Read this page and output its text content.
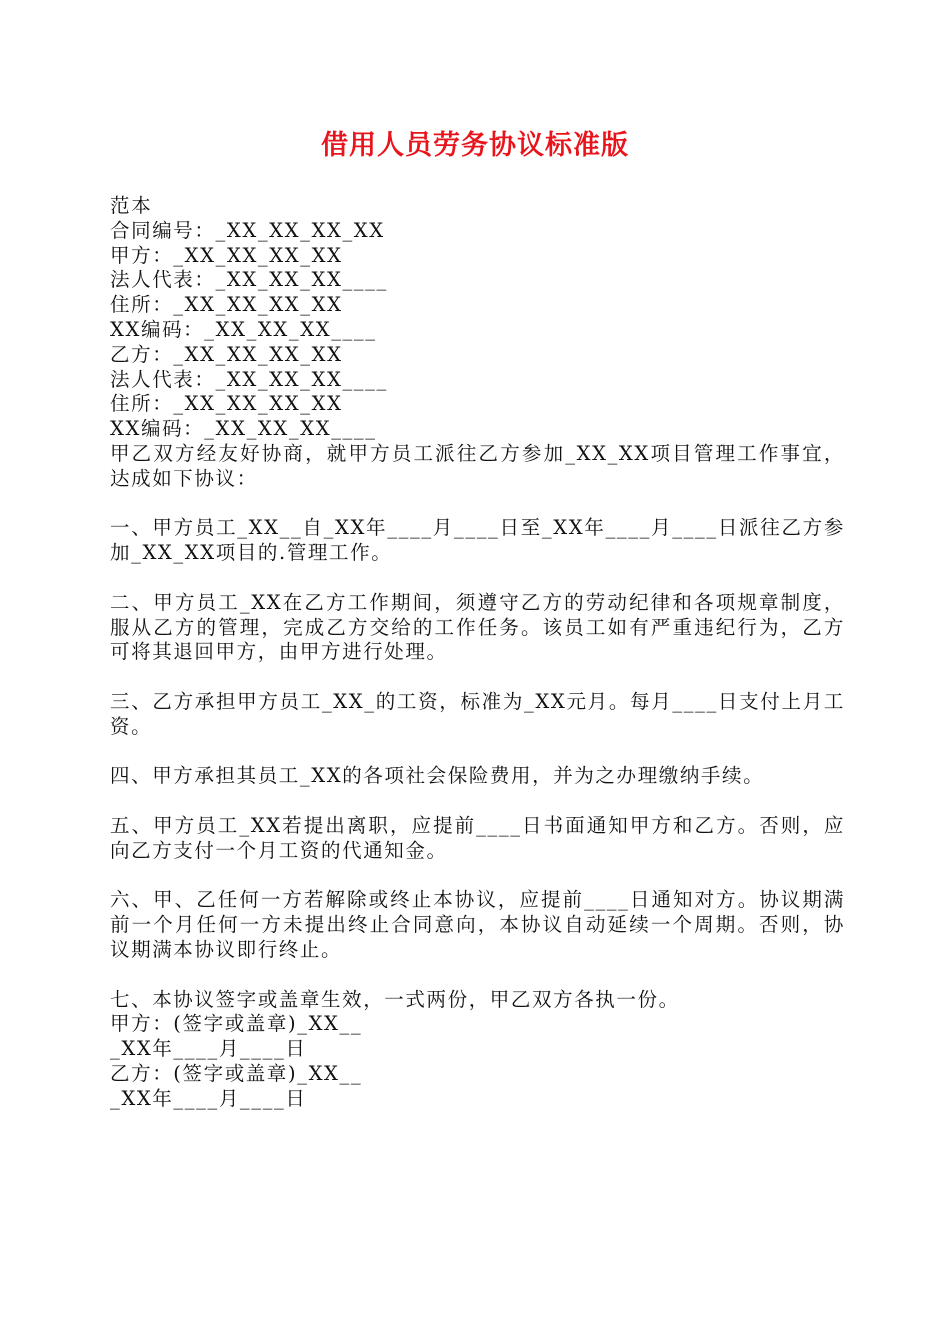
借用人员劳务协议标准版
范本
合同编号：_XX_XX_XX_XX
甲方：_XX_XX_XX_XX
法人代表：_XX_XX_XX____
住所：_XX_XX_XX_XX
XX编码：_XX_XX_XX____
乙方：_XX_XX_XX_XX
法人代表：_XX_XX_XX____
住所：_XX_XX_XX_XX
XX编码：_XX_XX_XX____
甲乙双方经友好协商，就甲方员工派往乙方参加_XX_XX项目管理工作事宜，达成如下协议：
一、甲方员工_XX__自_XX年____月____日至_XX年____月____日派往乙方参加_XX_XX项目的.管理工作。
二、甲方员工_XX在乙方工作期间，须遵守乙方的劳动纪律和各项规章制度，服从乙方的管理，完成乙方交给的工作任务。该员工如有严重违纪行为，乙方可将其退回甲方，由甲方进行处理。
三、乙方承担甲方员工_XX_的工资，标准为_XX元月。每月____日支付上月工资。
四、甲方承担其员工_XX的各项社会保险费用，并为之办理缴纳手续。
五、甲方员工_XX若提出离职，应提前____日书面通知甲方和乙方。否则，应向乙方支付一个月工资的代通知金。
六、甲、乙任何一方若解除或终止本协议，应提前____日通知对方。协议期满前一个月任何一方未提出终止合同意向，本协议自动延续一个周期。否则，协议期满本协议即行终止。
七、本协议签字或盖章生效，一式两份，甲乙双方各执一份。
甲方：(签字或盖章)_XX__
_XX年____月____日
乙方：(签字或盖章)_XX__
_XX年____月____日
